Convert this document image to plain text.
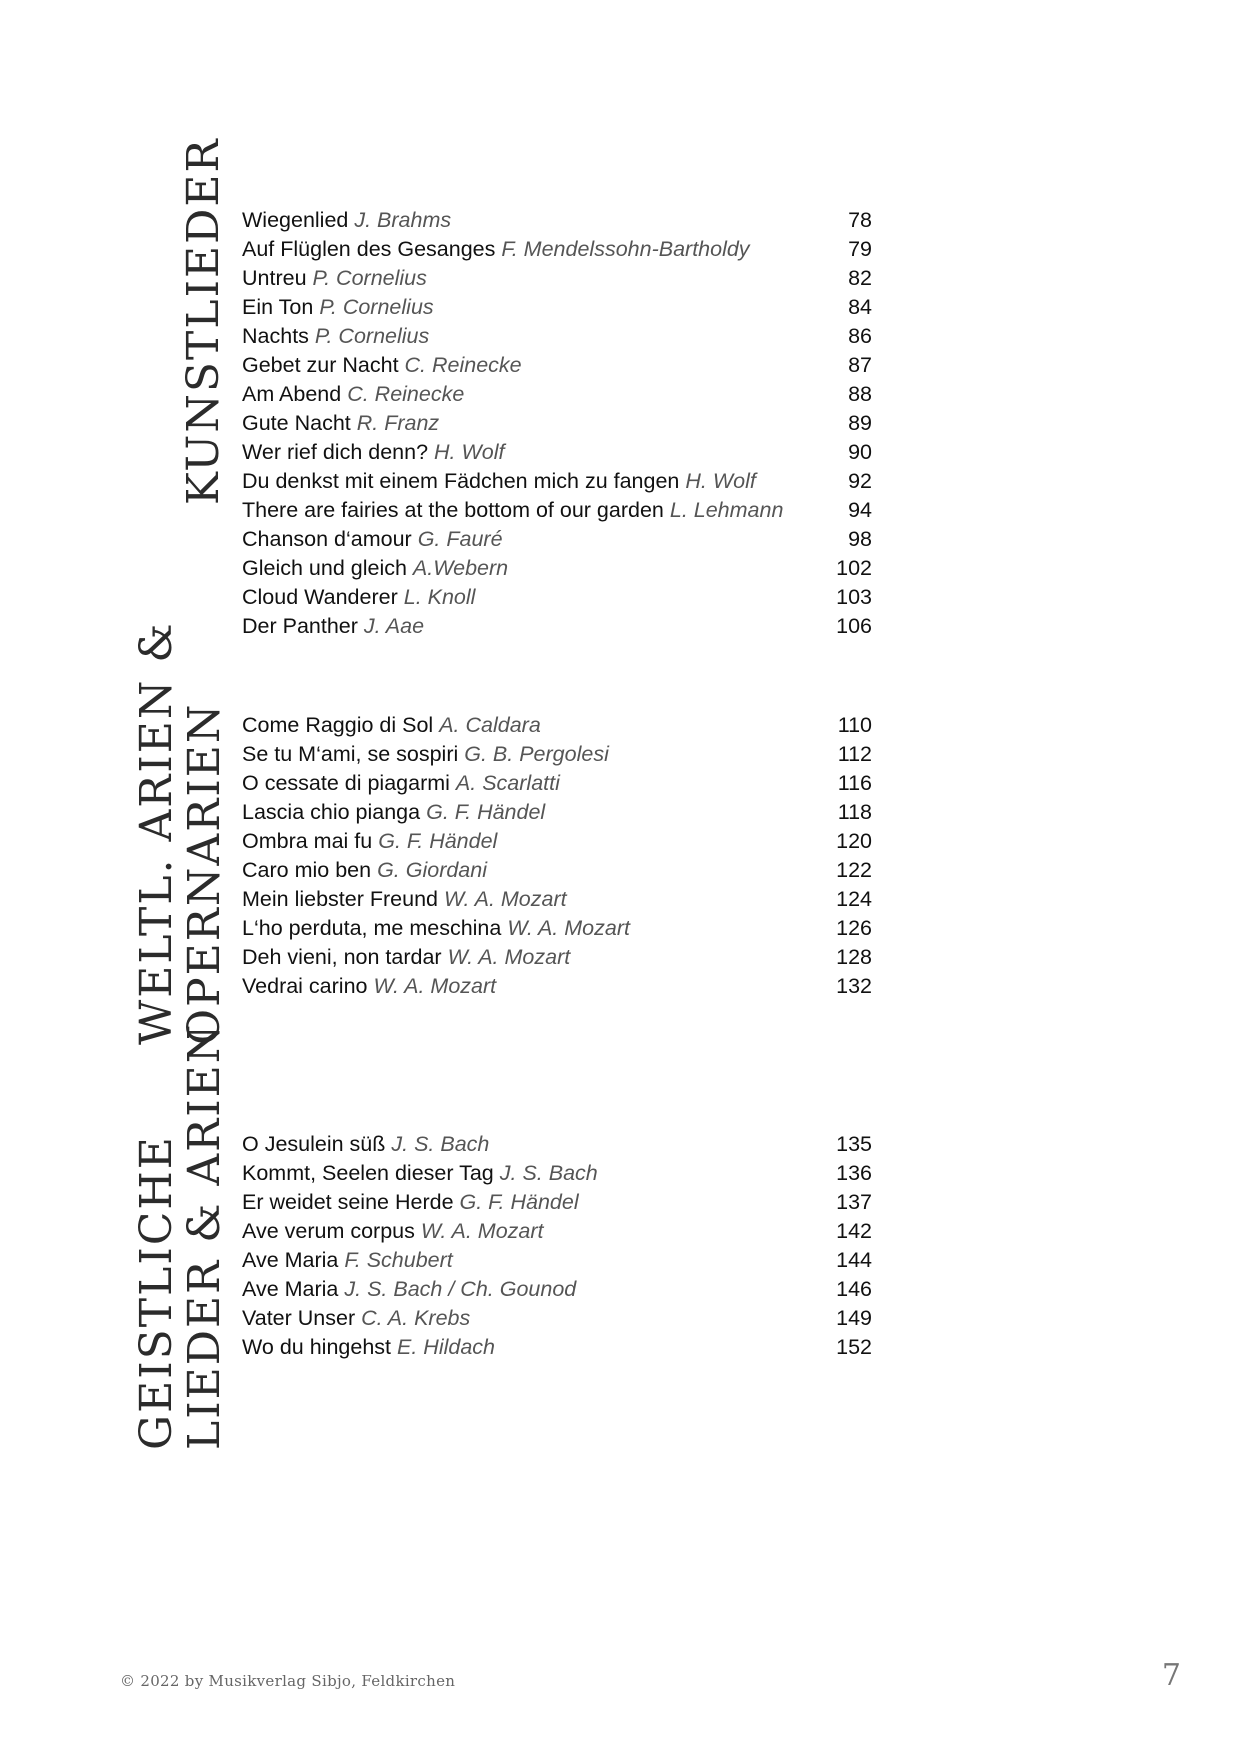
KUNSTLIEDER Wiegenlied J. Brahms	78
Auf Flüglen des Gesanges F. Mendelssohn-Bartholdy	79
Untreu P. Cornelius	82
Ein Ton P. Cornelius	84
Nachts P. Cornelius	86
Gebet zur Nacht C. Reinecke	87
Am Abend C. Reinecke	88
Gute Nacht R. Franz	89
Wer rief dich denn? H. Wolf	90
Du denkst mit einem Fädchen mich zu fangen H. Wolf	92
There are fairies at the bottom of our garden L. Lehmann	94
Chanson d‘amour G. Fauré	98
Gleich und gleich A.Webern	102
Cloud Wanderer L. Knoll	103
Der Panther J. Aae	106
WELTL. ARIEN &
OPERNARIEN Come Raggio di Sol A. Caldara	110
Se tu M‘ami, se sospiri G. B. Pergolesi	112
O cessate di piagarmi A. Scarlatti	116
Lascia chio pianga G. F. Händel	118
Ombra mai fu G. F. Händel	120
Caro mio ben G. Giordani	122
Mein liebster Freund W. A. Mozart	124
L‘ho perduta, me meschina W. A. Mozart	126
Deh vieni, non tardar W. A. Mozart	128
Vedrai carino W. A. Mozart	132
GEISTLICHE
LIEDER & ARIEN O Jesulein süß J. S. Bach	135
Kommt, Seelen dieser Tag J. S. Bach	136
Er weidet seine Herde G. F. Händel	137
Ave verum corpus W. A. Mozart	142
Ave Maria F. Schubert	144
Ave Maria J. S. Bach / Ch. Gounod	146
Vater Unser C. A. Krebs	149
Wo du hingehst E. Hildach	152
© 2022 by Musikverlag Sibjo, Feldkirchen	7
